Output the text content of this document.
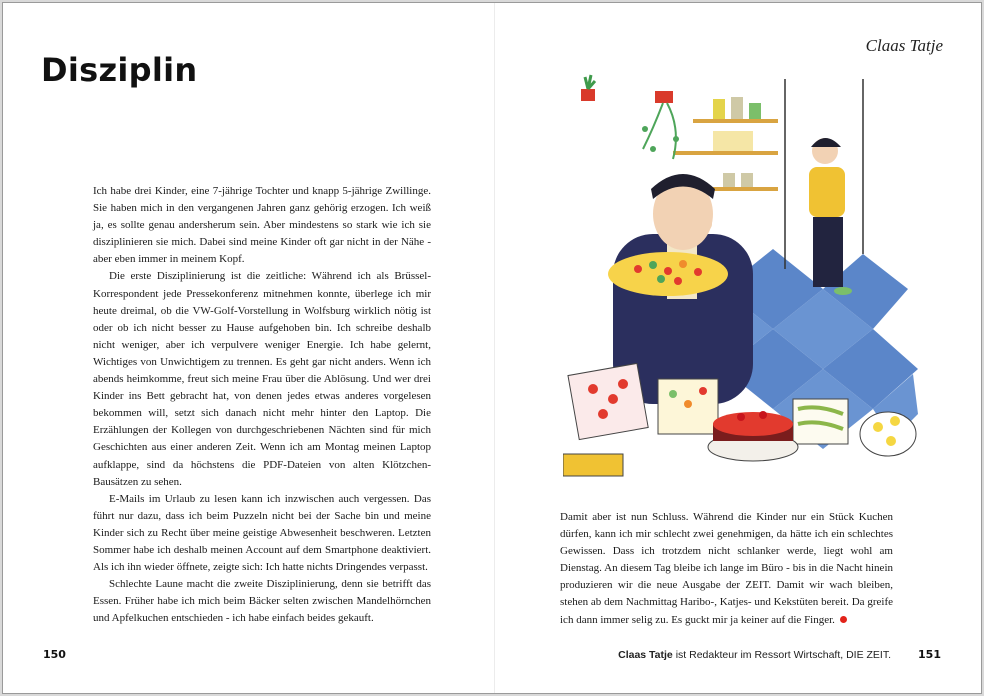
Disziplin

Ich habe drei Kinder, eine 7-jährige Tochter und knapp 5-jährige Zwillinge. Sie haben mich in den vergangenen Jahren ganz gehörig erzogen. Ich weiß ja, es sollte genau andersherum sein. Aber mindestens so stark wie ich sie disziplinieren sie mich. Dabei sind meine Kinder oft gar nicht in der Nähe - aber eben immer in meinem Kopf.

Die erste Disziplinierung ist die zeitliche: Während ich als Brüssel-Korrespondent jede Pressekonferenz mitnehmen konnte, überlege ich mir heute dreimal, ob die VW-Golf-Vorstellung in Wolfsburg wirklich nötig ist oder ob ich nicht besser zu Hause aufgehoben bin. Ich schreibe deshalb nicht weniger, aber ich verpulvere weniger Energie. Ich habe gelernt, Wichtiges von Unwichtigem zu trennen. Es geht gar nicht anders. Wenn ich abends heimkomme, freut sich meine Frau über die Ablösung. Und wer drei Kinder ins Bett gebracht hat, von denen jedes etwas anderes vorgelesen bekommen will, setzt sich danach nicht mehr hinter den Laptop. Die Erzählungen der Kollegen von durchgeschriebenen Nächten sind für mich Geschichten aus einer anderen Zeit. Wenn ich am Montag meinen Laptop aufklappe, sind da höchstens die PDF-Dateien von alten Klötzchen-Bausätzen zu sehen.

E-Mails im Urlaub zu lesen kann ich inzwischen auch vergessen. Das führt nur dazu, dass ich beim Puzzeln nicht bei der Sache bin und meine Kinder sich zu Recht über meine geistige Abwesenheit beschweren. Letzten Sommer habe ich deshalb meinen Account auf dem Smartphone deaktiviert. Als ich ihn wieder öffnete, zeigte sich: Ich hatte nichts Dringendes verpasst.

Schlechte Laune macht die zweite Disziplinierung, denn sie betrifft das Essen. Früher habe ich mich beim Bäcker selten zwischen Mandelhörnchen und Apfelkuchen entschieden - ich habe einfach beides gekauft.

150
Claas Tatje

Damit aber ist nun Schluss. Während die Kinder nur ein Stück Kuchen dürfen, kann ich mir schlecht zwei genehmigen, da hätte ich ein schlechtes Gewissen. Dass ich trotzdem nicht schlanker werde, liegt wohl am Dienstag. An diesem Tag bleibe ich lange im Büro - bis in die Nacht hinein produzieren wir die neue Ausgabe der ZEIT. Damit wir wach bleiben, stehen ab dem Nachmittag Haribo-, Katjes- und Kekstüten bereit. Da greife ich dann immer selig zu. Es guckt mir ja keiner auf die Finger.

Claas Tatje ist Redakteur im Ressort Wirtschaft, DIE ZEIT. 151
